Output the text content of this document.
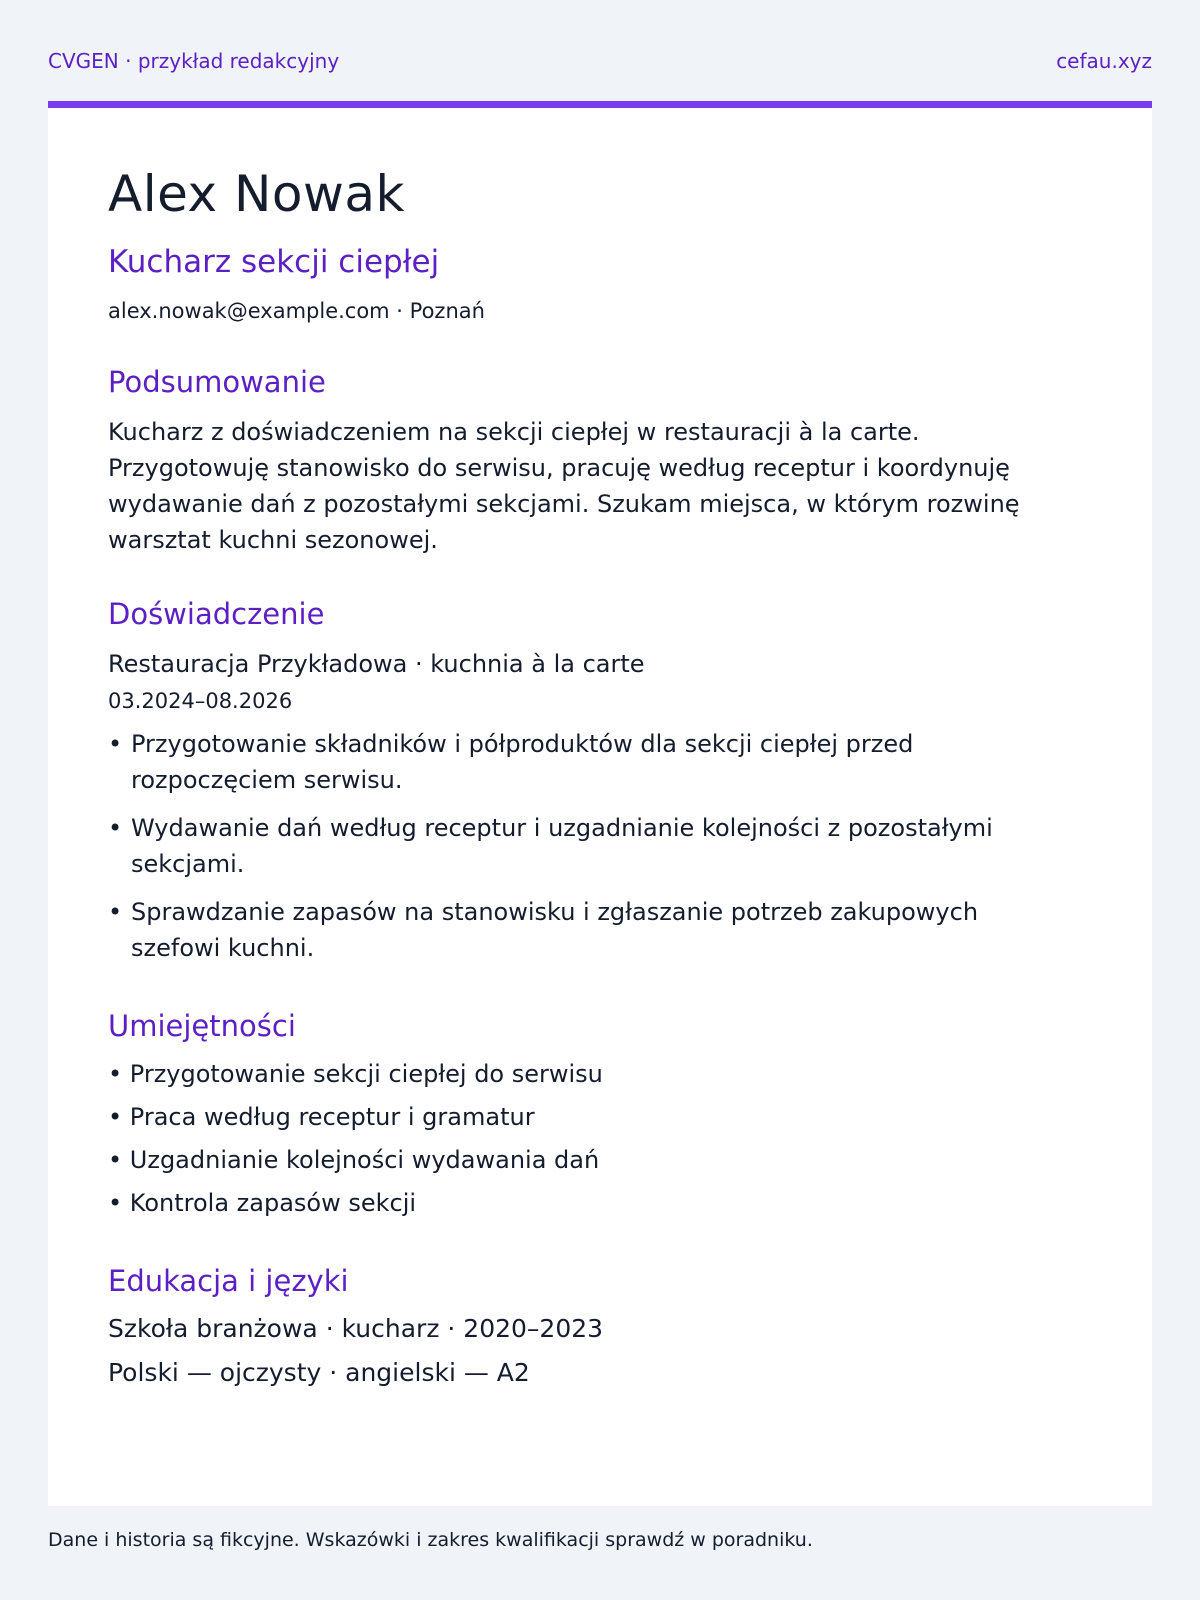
CVGEN · przykład redakcyjny	cefau.xyz
Alex Nowak
Kucharz sekcji ciepłej

alex.nowak@example.com · Poznań

Podsumowanie

Kucharz z doświadczeniem na sekcji ciepłej w restauracji à la carte. Przygotowuję stanowisko do serwisu, pracuję według receptur i koordynuję wydawanie dań z pozostałymi sekcjami. Szukam miejsca, w którym rozwinę warsztat kuchni sezonowej.

Doświadczenie

Restauracja Przykładowa · kuchnia à la carte

03.2024–08.2026

• Przygotowanie składników i półproduktów dla sekcji ciepłej przed rozpoczęciem serwisu.
• Wydawanie dań według receptur i uzgadnianie kolejności z pozostałymi sekcjami.
• Sprawdzanie zapasów na stanowisku i zgłaszanie potrzeb zakupowych szefowi kuchni.
Umiejętności
• Przygotowanie sekcji ciepłej do serwisu
• Praca według receptur i gramatur
• Uzgadnianie kolejności wydawania dań
• Kontrola zapasów sekcji
Edukacja i języki

Szkoła branżowa · kucharz · 2020–2023

Polski — ojczysty · angielski — A2

Dane i historia są fikcyjne. Wskazówki i zakres kwalifikacji sprawdź w poradniku.
